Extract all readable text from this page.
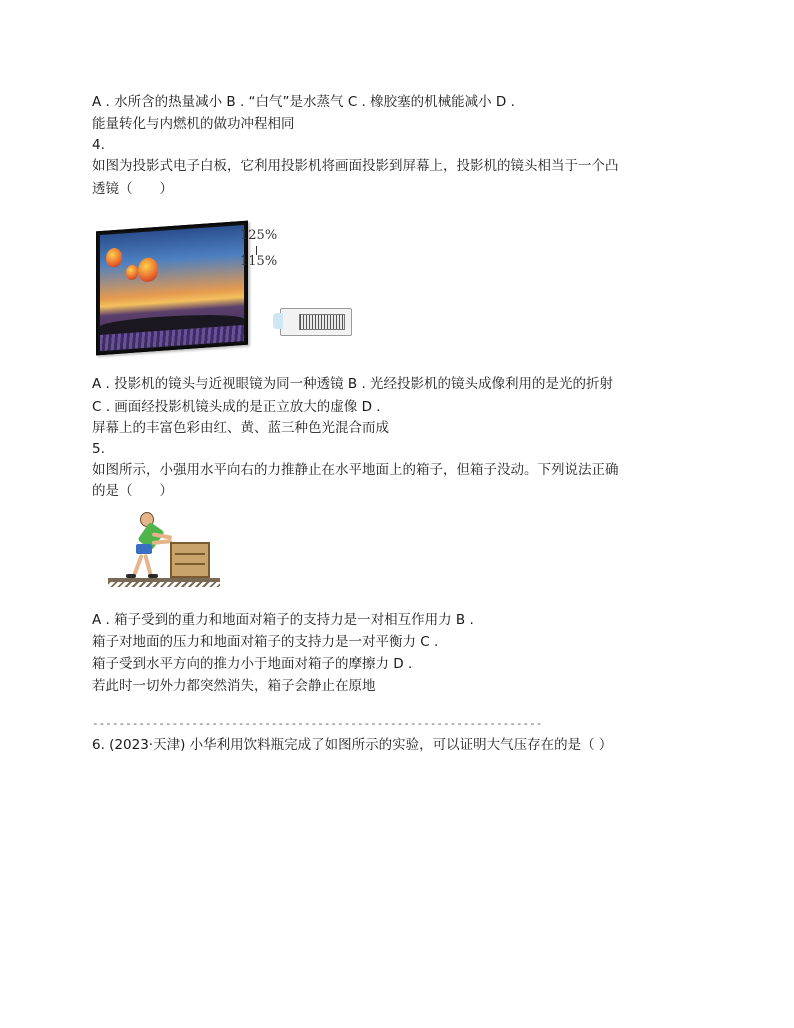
A . 水所含的热量减小 B . “白气”是水蒸气 C . 橡胶塞的机械能减小 D .
能量转化与内燃机的做功冲程相同
4.
如图为投影式电子白板，它利用投影机将画面投影到屏幕上，投影机的镜头相当于一个凸
透镜（　　）
125%
115%
A . 投影机的镜头与近视眼镜为同一种透镜 B . 光经投影机的镜头成像利用的是光的折射
C . 画面经投影机镜头成的是正立放大的虚像 D .
屏幕上的丰富色彩由红、黄、蓝三种色光混合而成
5.
如图所示，小强用水平向右的力推静止在水平地面上的箱子，但箱子没动。下列说法正确
的是（　　）
A . 箱子受到的重力和地面对箱子的支持力是一对相互作用力 B .
箱子对地面的压力和地面对箱子的支持力是一对平衡力 C .
箱子受到水平方向的推力小于地面对箱子的摩擦力 D .
若此时一切外力都突然消失，箱子会静止在原地
--------------------------------------------------------------------
6. (2023·天津) 小华利用饮料瓶完成了如图所示的实验，可以证明大气压存在的是（ ）
